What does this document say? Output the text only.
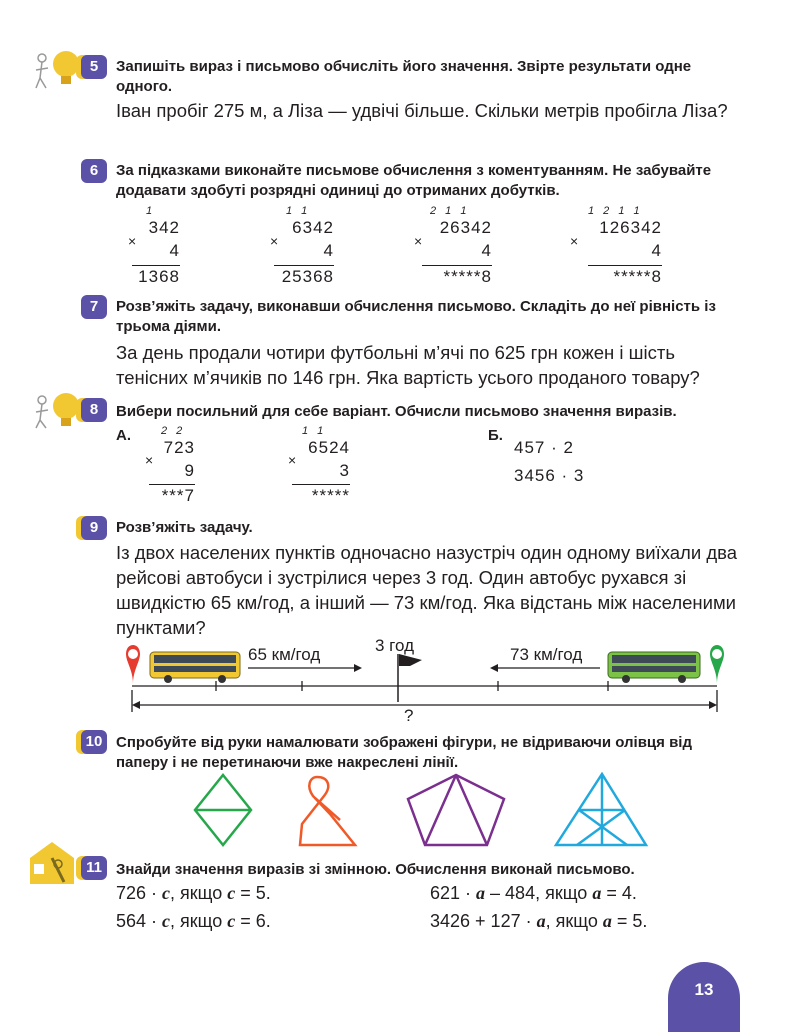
5	Запишіть вираз і письмово обчисліть його значення. Звірте результати одне одного.
Іван пробіг 275 м, а Ліза — удвічі більше. Скільки метрів пробігла Ліза?
6	За підказками виконайте письмове обчислення з коментуванням. Не забувайте додавати здобуті розрядні одиниці до отриманих добутків.
1
×
342
4
1368
1 1
×
6342
4
25368
2 1 1
×
26342
4
*****8
1 2 1 1
×
126342
4
*****8
7	Розв’яжіть задачу, виконавши обчислення письмово. Складіть до неї рівність із трьома діями.
За день продали чотири футбольні м’ячі по 625 грн кожен і шість тенісних м’ячиків по 146 грн. Яка вартість усього проданого товару?
8	Вибери посильний для себе варіант. Обчисли письмово значення виразів.
А.	Б.
2 2
×
723
9
***7
1 1
×
6524
3
*****
457 · 2
3456 · 3
9	Розв’яжіть задачу.
Із двох населених пунктів одночасно назустріч один одному виїхали два рейсові автобуси і зустрілися через 3 год. Один автобус рухався зі швидкістю 65 км/год, а інший — 73 км/год. Яка відстань між населеними пунктами?
65 км/год	73 км/год
3 год
?
10 Спробуйте від руки намалювати зображені фігури, не відриваючи олівця від паперу і не перетинаючи вже накреслені лінії.
11 Знайди значення виразів зі змінною. Обчислення виконай письмово.
726 · c, якщо c = 5.
564 · c, якщо c = 6.
621 · a – 484, якщо a = 4.
3426 + 127 · a, якщо a = 5.
13
